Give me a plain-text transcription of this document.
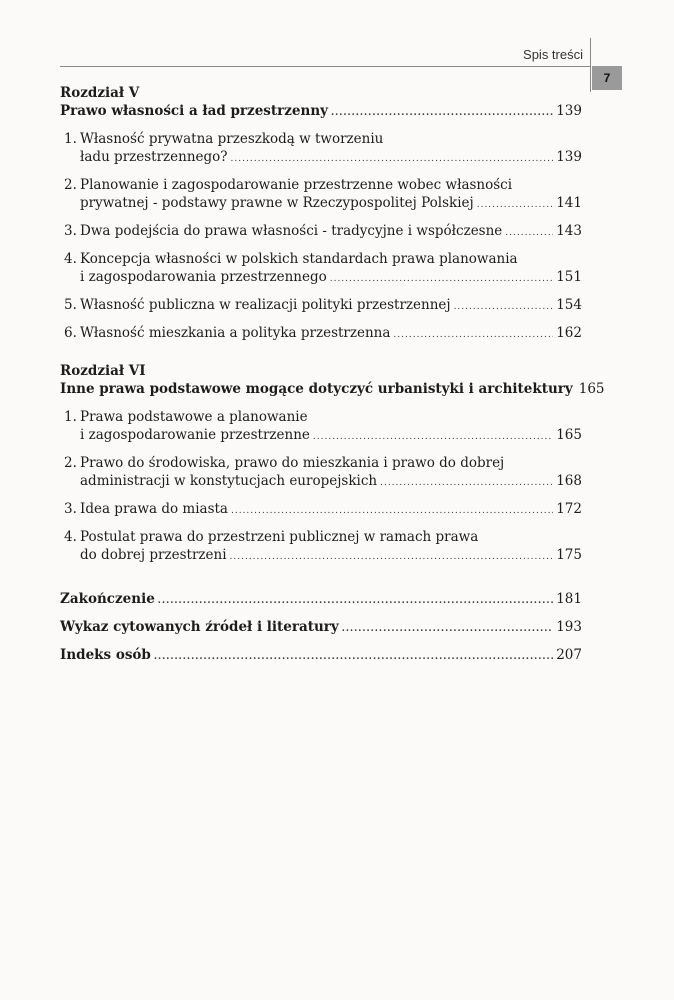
Spis treści
7
Rozdział V
Prawo własności a ład przestrzenny .....	139
1. Własność prywatna przeszkodą w tworzeniu
ładu przestrzennego? .....	139
2. Planowanie i zagospodarowanie przestrzenne wobec własności
prywatnej - podstawy prawne w Rzeczypospolitej Polskiej .....	141
3. Dwa podejścia do prawa własności - tradycyjne i współczesne .....	143
4. Koncepcja własności w polskich standardach prawa planowania
i zagospodarowania przestrzennego .....	151
5. Własność publiczna w realizacji polityki przestrzennej .....	154
6. Własność mieszkania a polityka przestrzenna .....	162
Rozdział VI
Inne prawa podstawowe mogące dotyczyć urbanistyki i architektury 165
1. Prawa podstawowe a planowanie
i zagospodarowanie przestrzenne .....	165
2. Prawo do środowiska, prawo do mieszkania i prawo do dobrej
administracji w konstytucjach europejskich .....	168
3. Idea prawa do miasta .....	172
4. Postulat prawa do przestrzeni publicznej w ramach prawa
do dobrej przestrzeni .....	175
Zakończenie .....	181
Wykaz cytowanych źródeł i literatury .....	193
Indeks osób .....	207
